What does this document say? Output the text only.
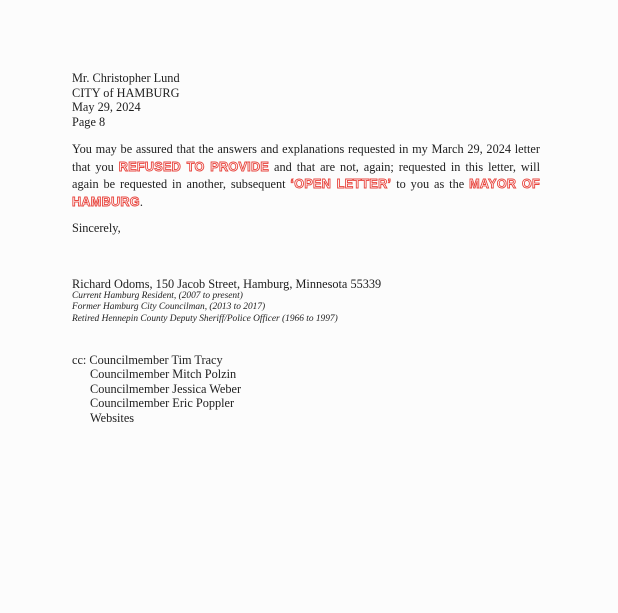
Mr. Christopher Lund
CITY of HAMBURG
May 29, 2024
Page 8
You may be assured that the answers and explanations requested in my March 29, 2024 letter
that you REFUSED TO PROVIDE and that are not, again; requested in this letter, will
again be requested in another, subsequent ‘OPEN LETTER’ to you as the MAYOR OF
HAMBURG.
Sincerely,
Richard Odoms, 150 Jacob Street, Hamburg, Minnesota 55339
Current Hamburg Resident, (2007 to present)
Former Hamburg City Councilman, (2013 to 2017)
Retired Hennepin County Deputy Sheriff/Police Officer (1966 to 1997)
cc: Councilmember Tim Tracy
Councilmember Mitch Polzin
Councilmember Jessica Weber
Councilmember Eric Poppler
Websites
